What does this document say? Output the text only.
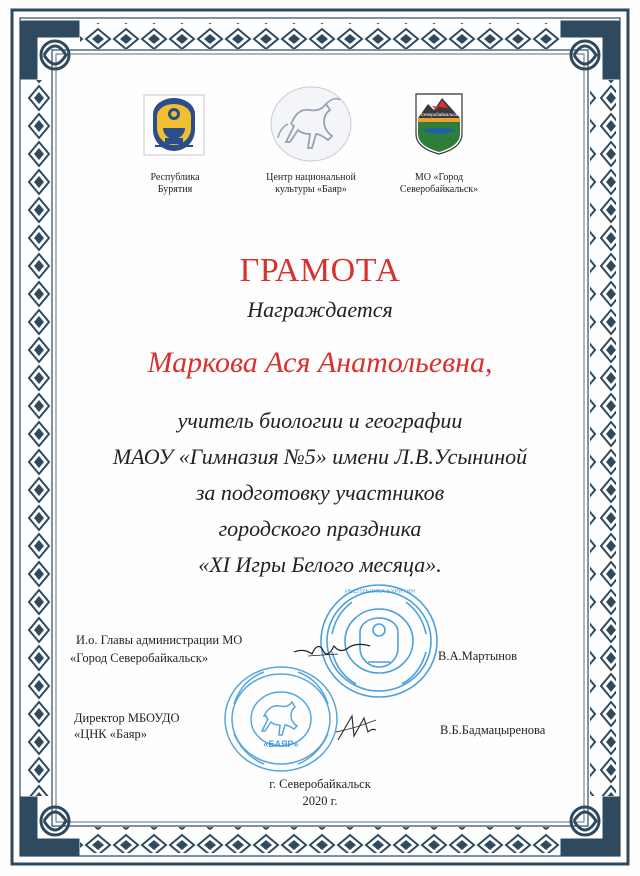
Республика Бурятия
Центр национальной культуры «Баяр»
Северобайкальск
МО «Город Северобайкальск»
ГРАМОТА
Награждается
Маркова Ася Анатольевна,
учитель биологии и географии
МАОУ «Гимназия №5» имени Л.В.Усыниной
за подготовку участников
городского праздника
«XI Игры Белого месяца».
РЕСПУБЛИКА БУРЯТИЯ
«БАЯР»
И.о. Главы администрации МО
«Город Северобайкальск»	В.А.Мартынов
Директор МБОУДО
«ЦНК «Баяр»	В.Б.Бадмацыренова
г. Северобайкальск
2020 г.
